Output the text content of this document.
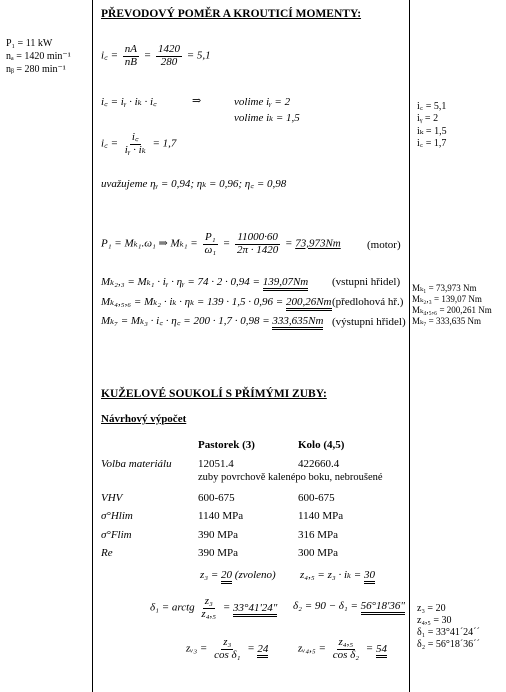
P₁ = 11 kW
nₐ = 1420 min⁻¹
nᵦ = 280 min⁻¹
PŘEVODOVÝ POMĚR A KROUTICÍ MOMENTY:
i꜀ = $\frac{nA}{nB} = \frac{1420}{280} = 5,1$
i꜀ = iᵧ · iₖ · i꜀	⇒	volime iᵧ = 2
volime iₖ = 1,5
i꜀ = $\frac{i꜀}{\text{iᵧ · iₖ}} = 1,7$
uvažujeme ηᵧ = 0,94; ηₖ = 0,96; η꜀ = 0,98
P₁ = Mₖ₁.ω₁ ⇒ $M_{k1} = \frac{\text{P₁}}{\text{ω₁}} = \frac{11000\cdot 60}{2\pi \cdot 1420} = 73,973Nm$ (motor)
Mₖ₂,₃ = Mₖ₁ · iᵧ · ηᵧ = 74 · 2 · 0,94 = 139,07Nm (vstupni hřidel)
Mₖ₄,₅,₆ = Mₖ₂ · iₖ · ηₖ = 139 · 1,5 · 0,96 = 200,26Nm (předlohová hř.)
Mₖ₇ = Mₖ₃ · i꜀ · η꜀ = 200 · 1,7 · 0,98 = 333,635Nm (výstupni hřidel)
i꜀ = 5,1
iᵧ = 2
iₖ = 1,5
i꜀ = 1,7
Mₖ₁ = 73,973 Nm
Mₖ₂,₃ = 139,07 Nm
Mₖ₄,₅,₆ = 200,261 Nm
Mₖ₇ = 333,635 Nm
KUŽELOVÉ SOUKOLÍ S PŘÍMÝMI ZUBY:
Návrhový výpočet
Pastorek (3)	Kolo (4,5)
Volba materiálu 12051.4	422660.4
zuby povrchově kalenépo boku, nebroušené
VHV	600-675	600-675
σ°Hlim	1140 MPa	1140 MPa
σ°Flim	390 MPa	316 MPa
Re	390 MPa	300 MPa
z₃ = 20 (zvoleno) z₄,₅ = z₃ · iₖ = 30
δ₁ = arctg $\frac{\text{z₃}}{\text{z₄,₅}} = 33^\circ 41'24$" δ₂ = 90 − δ₁ = 56°18'36"
zᵥ₃ = $\frac{\text{z₃}}{\text{cos δ₁}} = 24$	zᵥ₄,₅ = $\frac{\text{z₄,₅}}{\text{cos δ₂}} = 54$
z₃ = 20
z₄,₅ = 30
δ₁ = 33°41´24´´
δ₂ = 56°18´36´´
